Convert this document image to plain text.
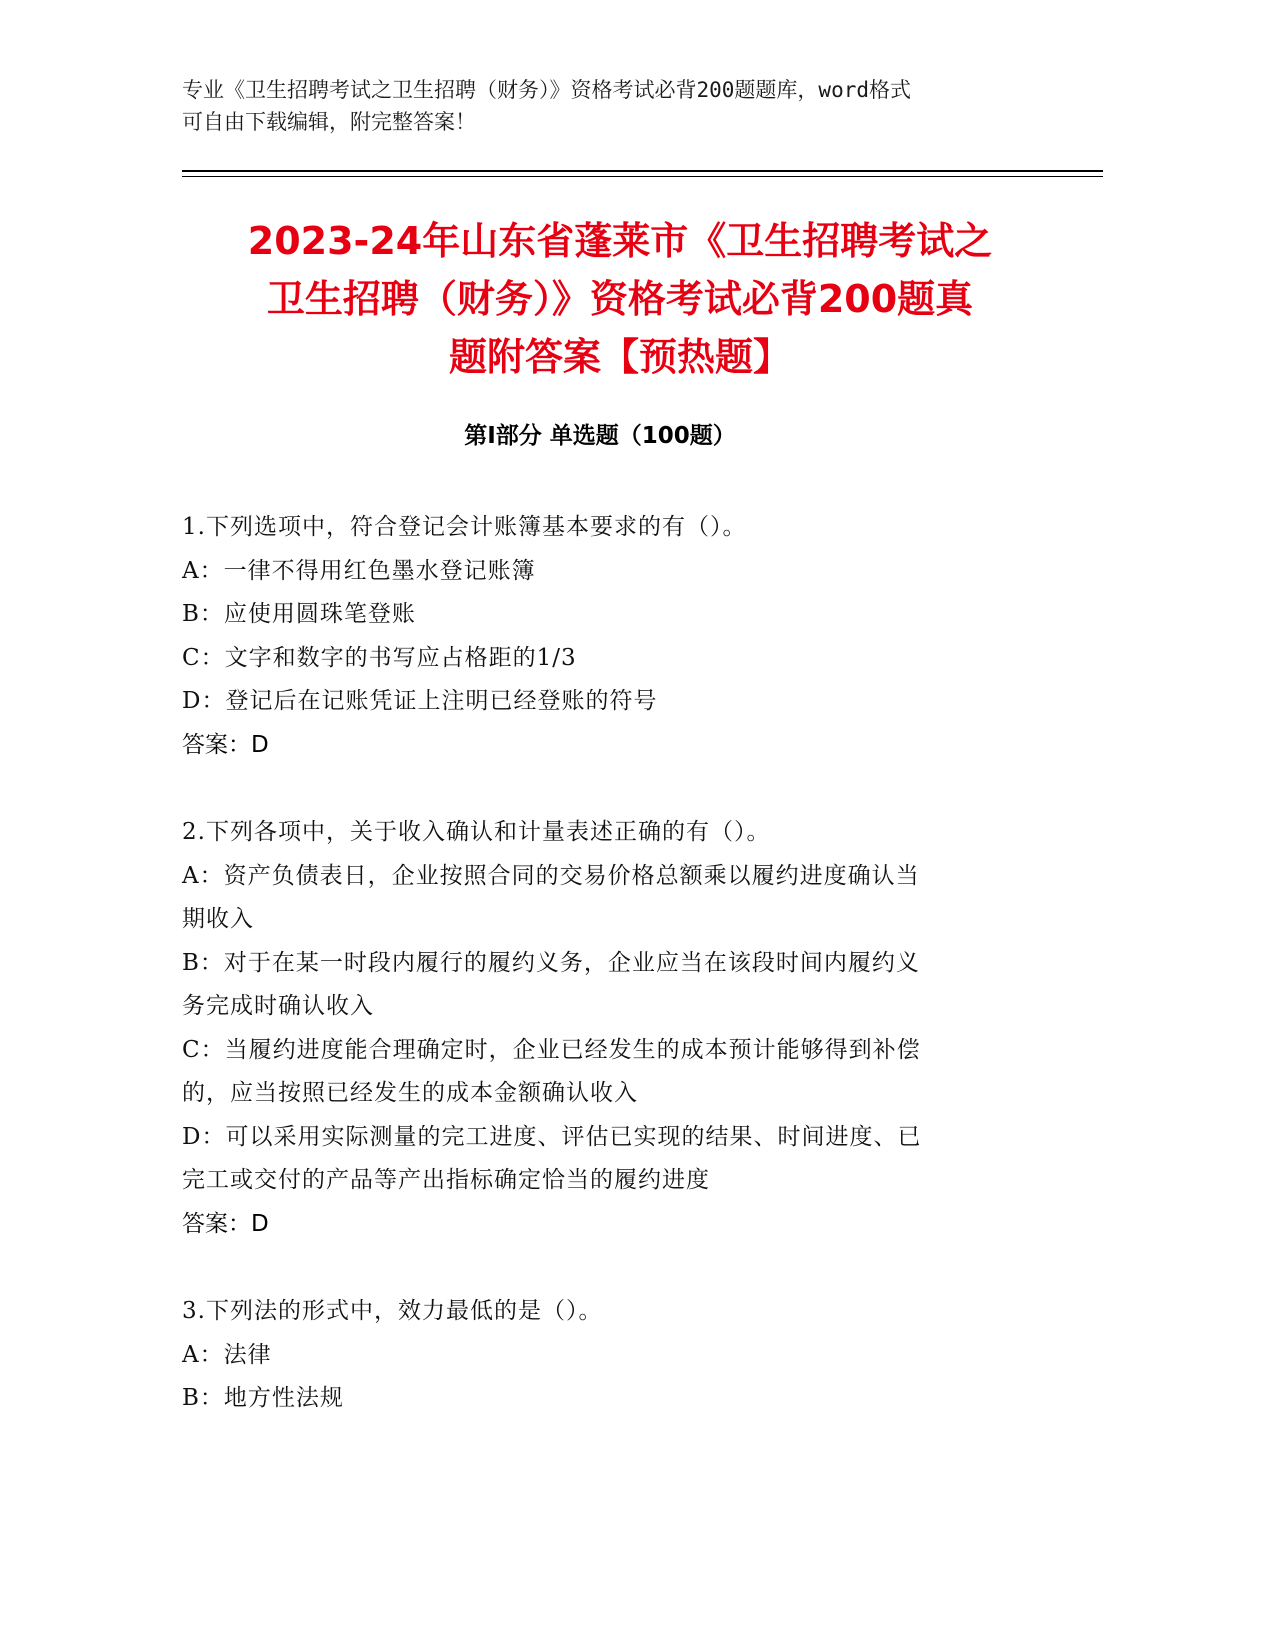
专业《卫生招聘考试之卫生招聘（财务）》资格考试必背200题题库，word格式
可自由下载编辑，附完整答案！
2023-24年山东省蓬莱市《卫生招聘考试之
卫生招聘（财务）》资格考试必背200题真
题附答案【预热题】
第Ⅰ部分 单选题（100题）
1.下列选项中，符合登记会计账簿基本要求的有（）。
A：一律不得用红色墨水登记账簿
B：应使用圆珠笔登账
C：文字和数字的书写应占格距的1/3
D：登记后在记账凭证上注明已经登账的符号
答案：D
2.下列各项中，关于收入确认和计量表述正确的有（）。
A：资产负债表日，企业按照合同的交易价格总额乘以履约进度确认当
期收入
B：对于在某一时段内履行的履约义务，企业应当在该段时间内履约义
务完成时确认收入
C：当履约进度能合理确定时，企业已经发生的成本预计能够得到补偿
的，应当按照已经发生的成本金额确认收入
D：可以采用实际测量的完工进度、评估已实现的结果、时间进度、已
完工或交付的产品等产出指标确定恰当的履约进度
答案：D
3.下列法的形式中，效力最低的是（）。
A：法律
B：地方性法规
